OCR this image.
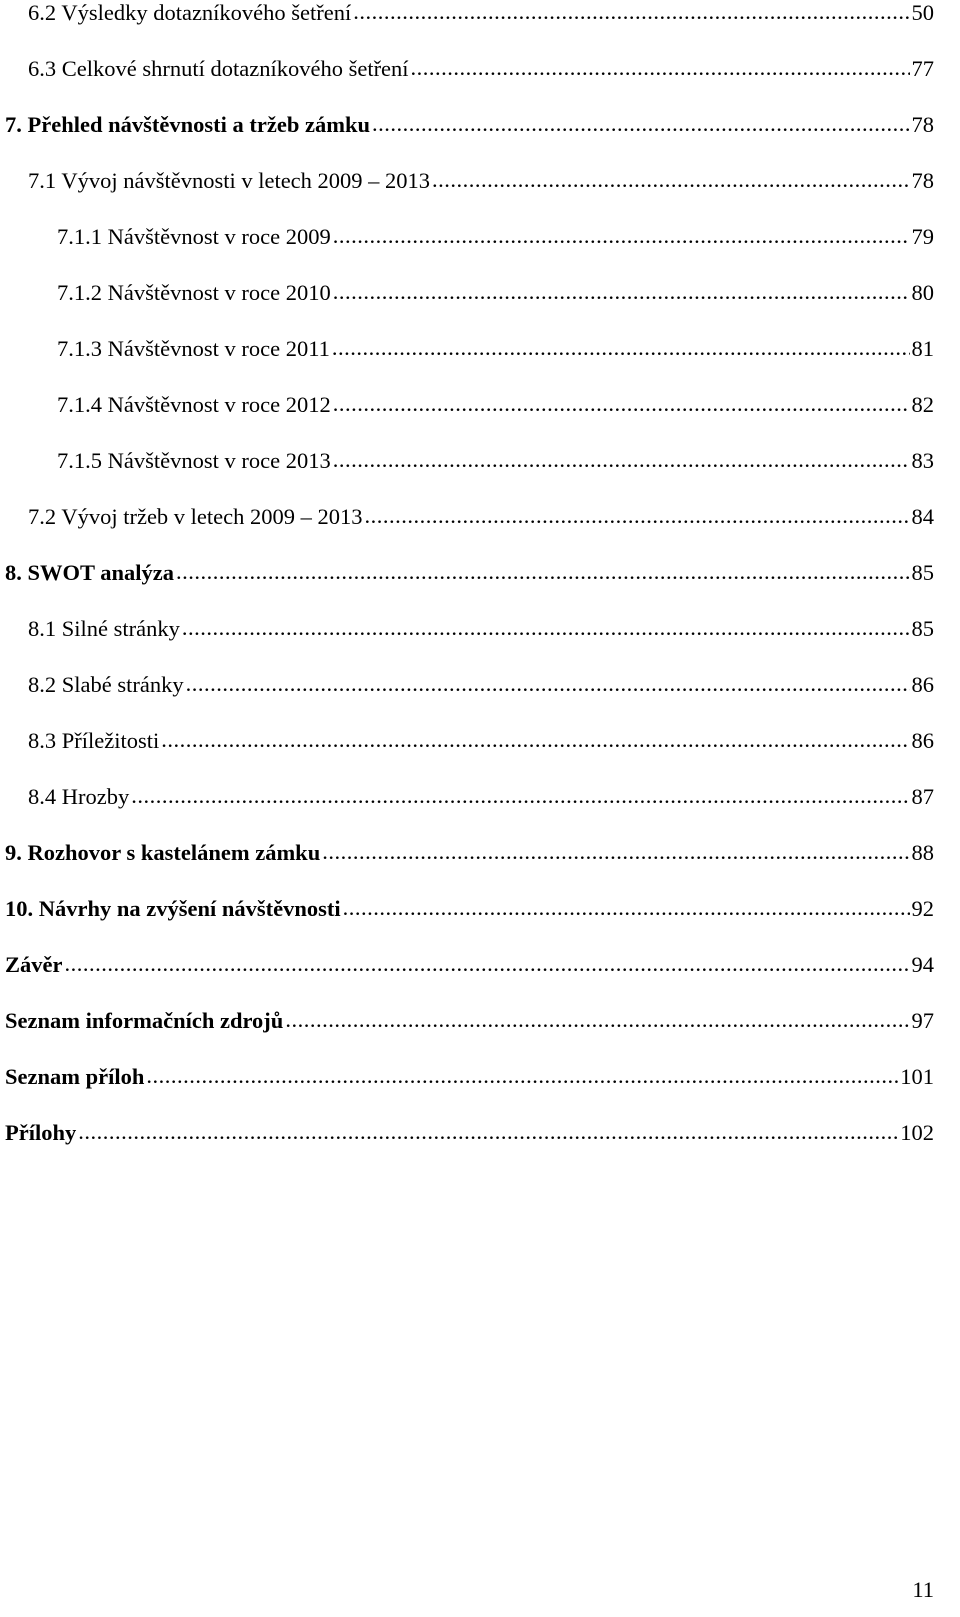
6.2 Výsledky dotazníkového šetření .....	50
6.3 Celkové shrnutí dotazníkového šetření .....	77
7. Přehled návštěvnosti a tržeb zámku .....	78
7.1 Vývoj návštěvnosti v letech 2009 – 2013 .....	78
7.1.1 Návštěvnost v roce 2009 .....	79
7.1.2 Návštěvnost v roce 2010 .....	80
7.1.3 Návštěvnost v roce 2011 .....	81
7.1.4 Návštěvnost v roce 2012 .....	82
7.1.5 Návštěvnost v roce 2013 .....	83
7.2 Vývoj tržeb v letech 2009 – 2013 .....	84
8. SWOT analýza .....	85
8.1 Silné stránky .....	85
8.2 Slabé stránky .....	86
8.3 Příležitosti .....	86
8.4 Hrozby .....	87
9. Rozhovor s kastelánem zámku .....	88
10. Návrhy na zvýšení návštěvnosti .....	92
Závěr .....	94
Seznam informačních zdrojů .....	97
Seznam příloh .....	101
Přílohy .....	102
11
